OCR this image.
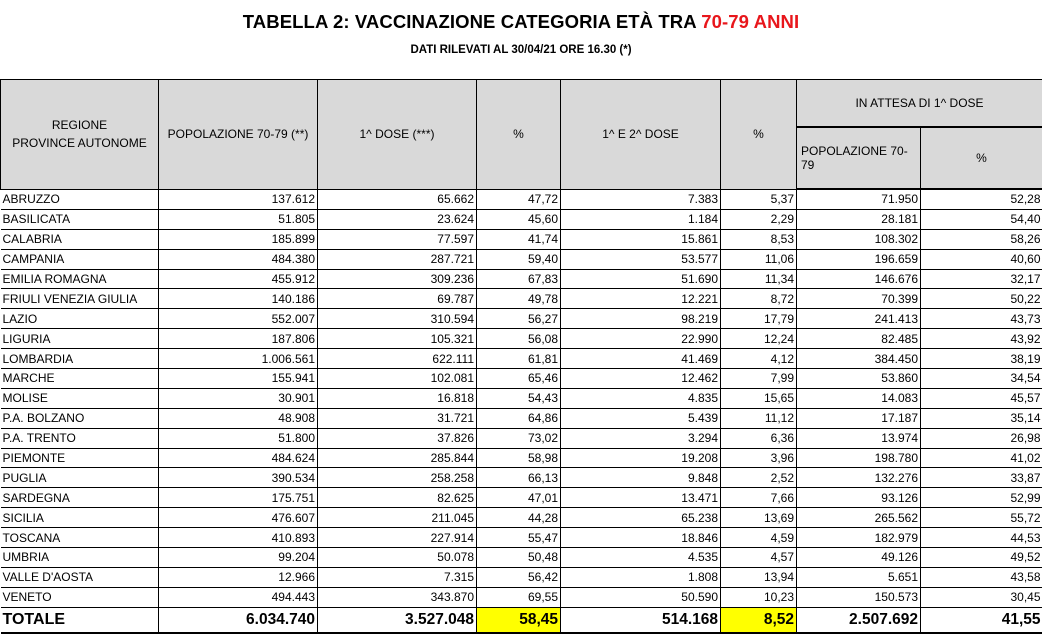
TABELLA 2: VACCINAZIONE CATEGORIA ETÀ TRA 70-79 ANNI
DATI RILEVATI AL 30/04/21 ORE 16.30 (*)
REGIONE
PROVINCE AUTONOME	POPOLAZIONE 70-79 (**)	1^ DOSE (***)	%	1^ E 2^ DOSE	%	IN ATTESA DI 1^ DOSE	
						POPOLAZIONE 70-79	%
ABRUZZO	137.612	65.662	47,72	7.383	5,37	71.950	52,28
BASILICATA	51.805	23.624	45,60	1.184	2,29	28.181	54,40
CALABRIA	185.899	77.597	41,74	15.861	8,53	108.302	58,26
CAMPANIA	484.380	287.721	59,40	53.577	11,06	196.659	40,60
EMILIA ROMAGNA	455.912	309.236	67,83	51.690	11,34	146.676	32,17
FRIULI VENEZIA GIULIA	140.186	69.787	49,78	12.221	8,72	70.399	50,22
LAZIO	552.007	310.594	56,27	98.219	17,79	241.413	43,73
LIGURIA	187.806	105.321	56,08	22.990	12,24	82.485	43,92
LOMBARDIA	1.006.561	622.111	61,81	41.469	4,12	384.450	38,19
MARCHE	155.941	102.081	65,46	12.462	7,99	53.860	34,54
MOLISE	30.901	16.818	54,43	4.835	15,65	14.083	45,57
P.A. BOLZANO	48.908	31.721	64,86	5.439	11,12	17.187	35,14
P.A. TRENTO	51.800	37.826	73,02	3.294	6,36	13.974	26,98
PIEMONTE	484.624	285.844	58,98	19.208	3,96	198.780	41,02
PUGLIA	390.534	258.258	66,13	9.848	2,52	132.276	33,87
SARDEGNA	175.751	82.625	47,01	13.471	7,66	93.126	52,99
SICILIA	476.607	211.045	44,28	65.238	13,69	265.562	55,72
TOSCANA	410.893	227.914	55,47	18.846	4,59	182.979	44,53
UMBRIA	99.204	50.078	50,48	4.535	4,57	49.126	49,52
VALLE D'AOSTA	12.966	7.315	56,42	1.808	13,94	5.651	43,58
VENETO	494.443	343.870	69,55	50.590	10,23	150.573	30,45
TOTALE	6.034.740	3.527.048	58,45	514.168	8,52	2.507.692	41,55
